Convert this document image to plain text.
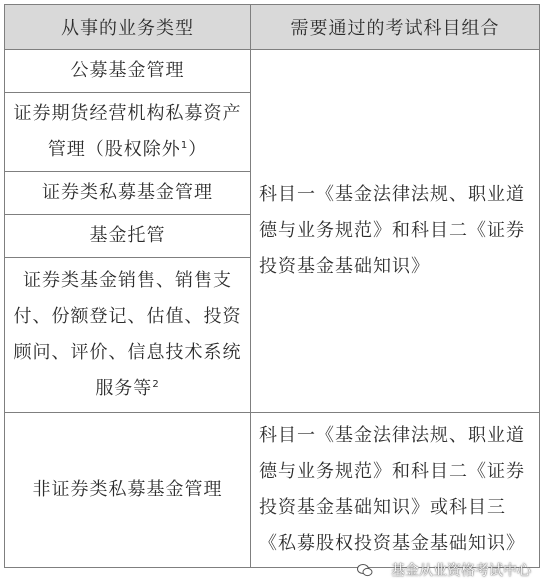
从事的业务类型	需要通过的考试科目组合
公募基金管理	科目一《基金法律法规、职业道德与业务规范》和科目二《证券投资基金基础知识》
证券期货经营机构私募资产管理（股权除外$^1$）	
证券类私募基金管理	
基金托管	
证券类基金销售、销售支付、份额登记、估值、投资顾问、评价、信息技术系统服务等$^2$
非证券类私募基金管理	科目一《基金法律法规、职业道德与业务规范》和科目二《证券投资基金基础知识》或科目三《私募股权投资基金基础知识》
基金从业资格考试中心
